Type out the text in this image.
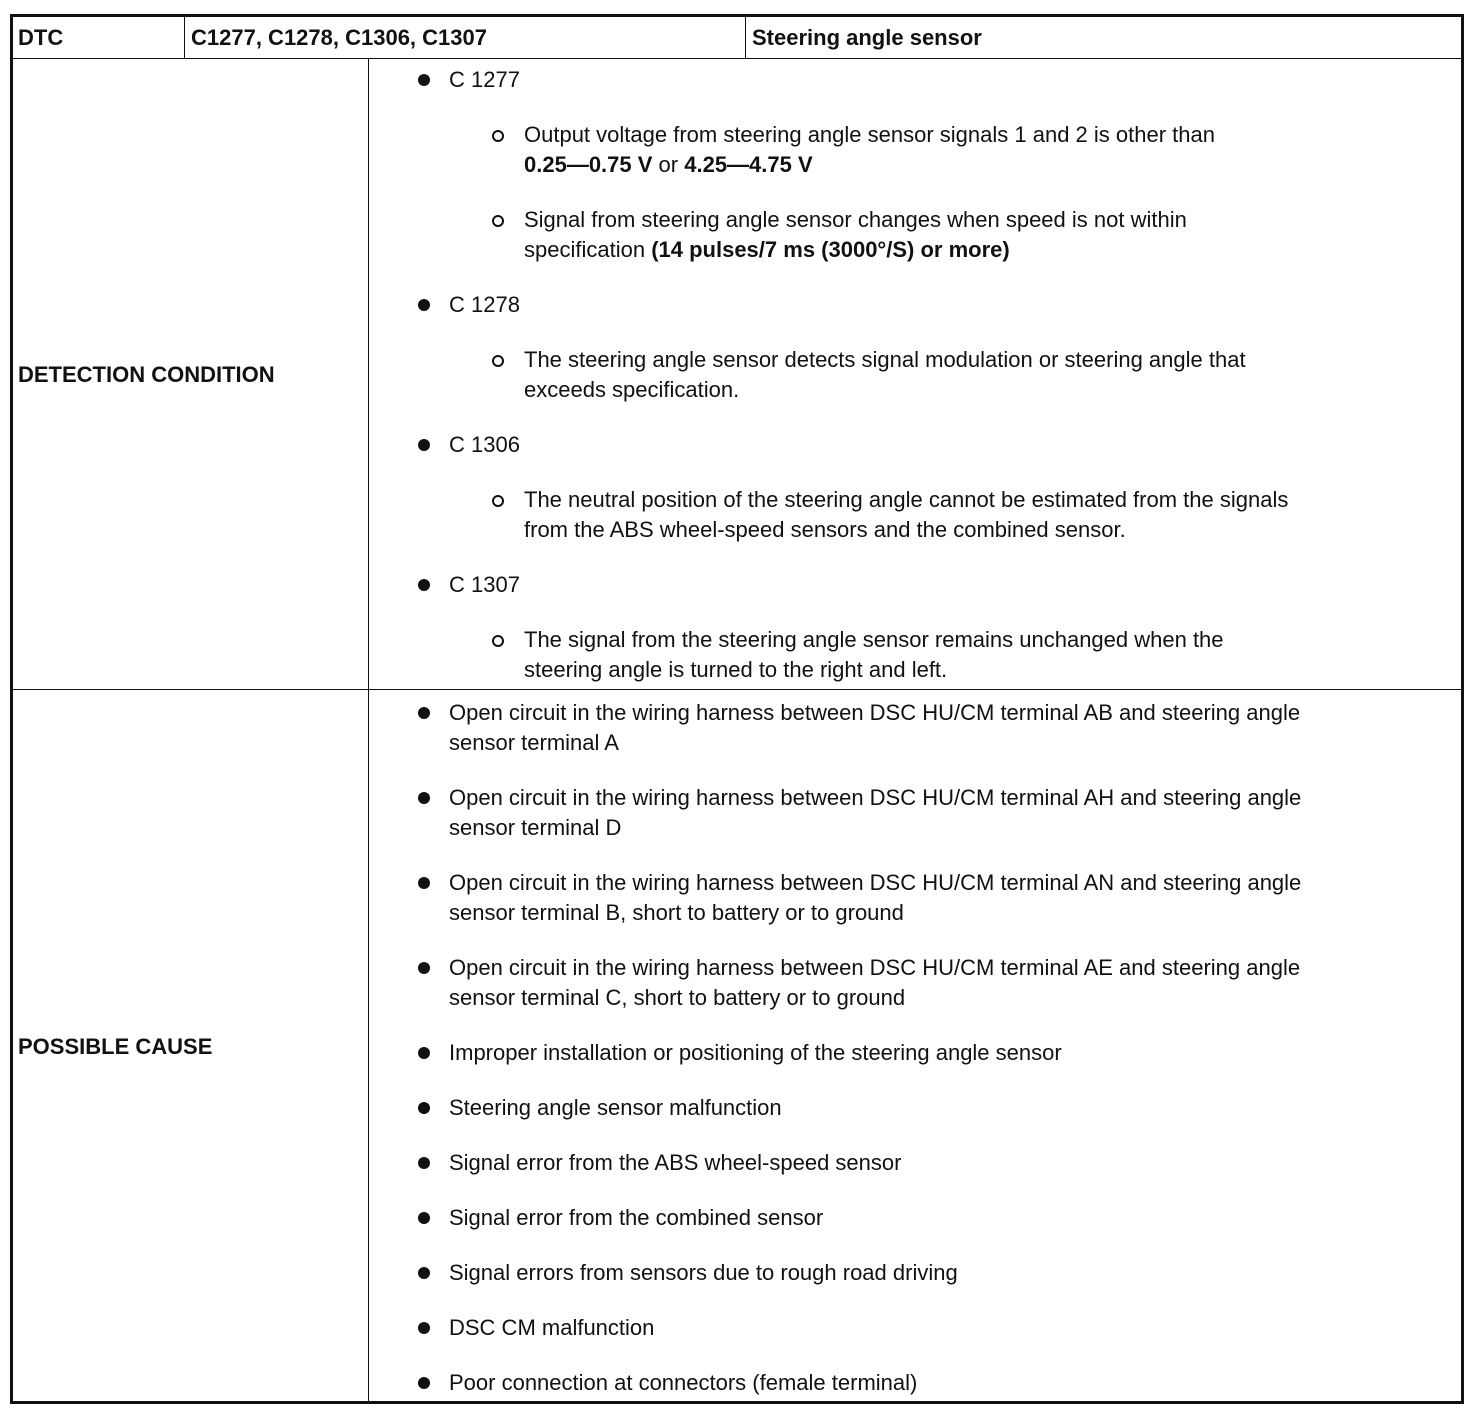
DTC	C1277, C1278, C1306, C1307	Steering angle sensor
DETECTION CONDITION
C 1277
Output voltage from steering angle sensor signals 1 and 2 is other than
0.25—0.75 V or 4.25—4.75 V
Signal from steering angle sensor changes when speed is not within
specification (14 pulses/7 ms (3000°/S) or more)
C 1278
The steering angle sensor detects signal modulation or steering angle that
exceeds specification.
C 1306
The neutral position of the steering angle cannot be estimated from the signals
from the ABS wheel-speed sensors and the combined sensor.
C 1307
The signal from the steering angle sensor remains unchanged when the
steering angle is turned to the right and left.
POSSIBLE CAUSE
Open circuit in the wiring harness between DSC HU/CM terminal AB and steering angle
sensor terminal A
Open circuit in the wiring harness between DSC HU/CM terminal AH and steering angle
sensor terminal D
Open circuit in the wiring harness between DSC HU/CM terminal AN and steering angle
sensor terminal B, short to battery or to ground
Open circuit in the wiring harness between DSC HU/CM terminal AE and steering angle
sensor terminal C, short to battery or to ground
Improper installation or positioning of the steering angle sensor
Steering angle sensor malfunction
Signal error from the ABS wheel-speed sensor
Signal error from the combined sensor
Signal errors from sensors due to rough road driving
DSC CM malfunction
Poor connection at connectors (female terminal)
